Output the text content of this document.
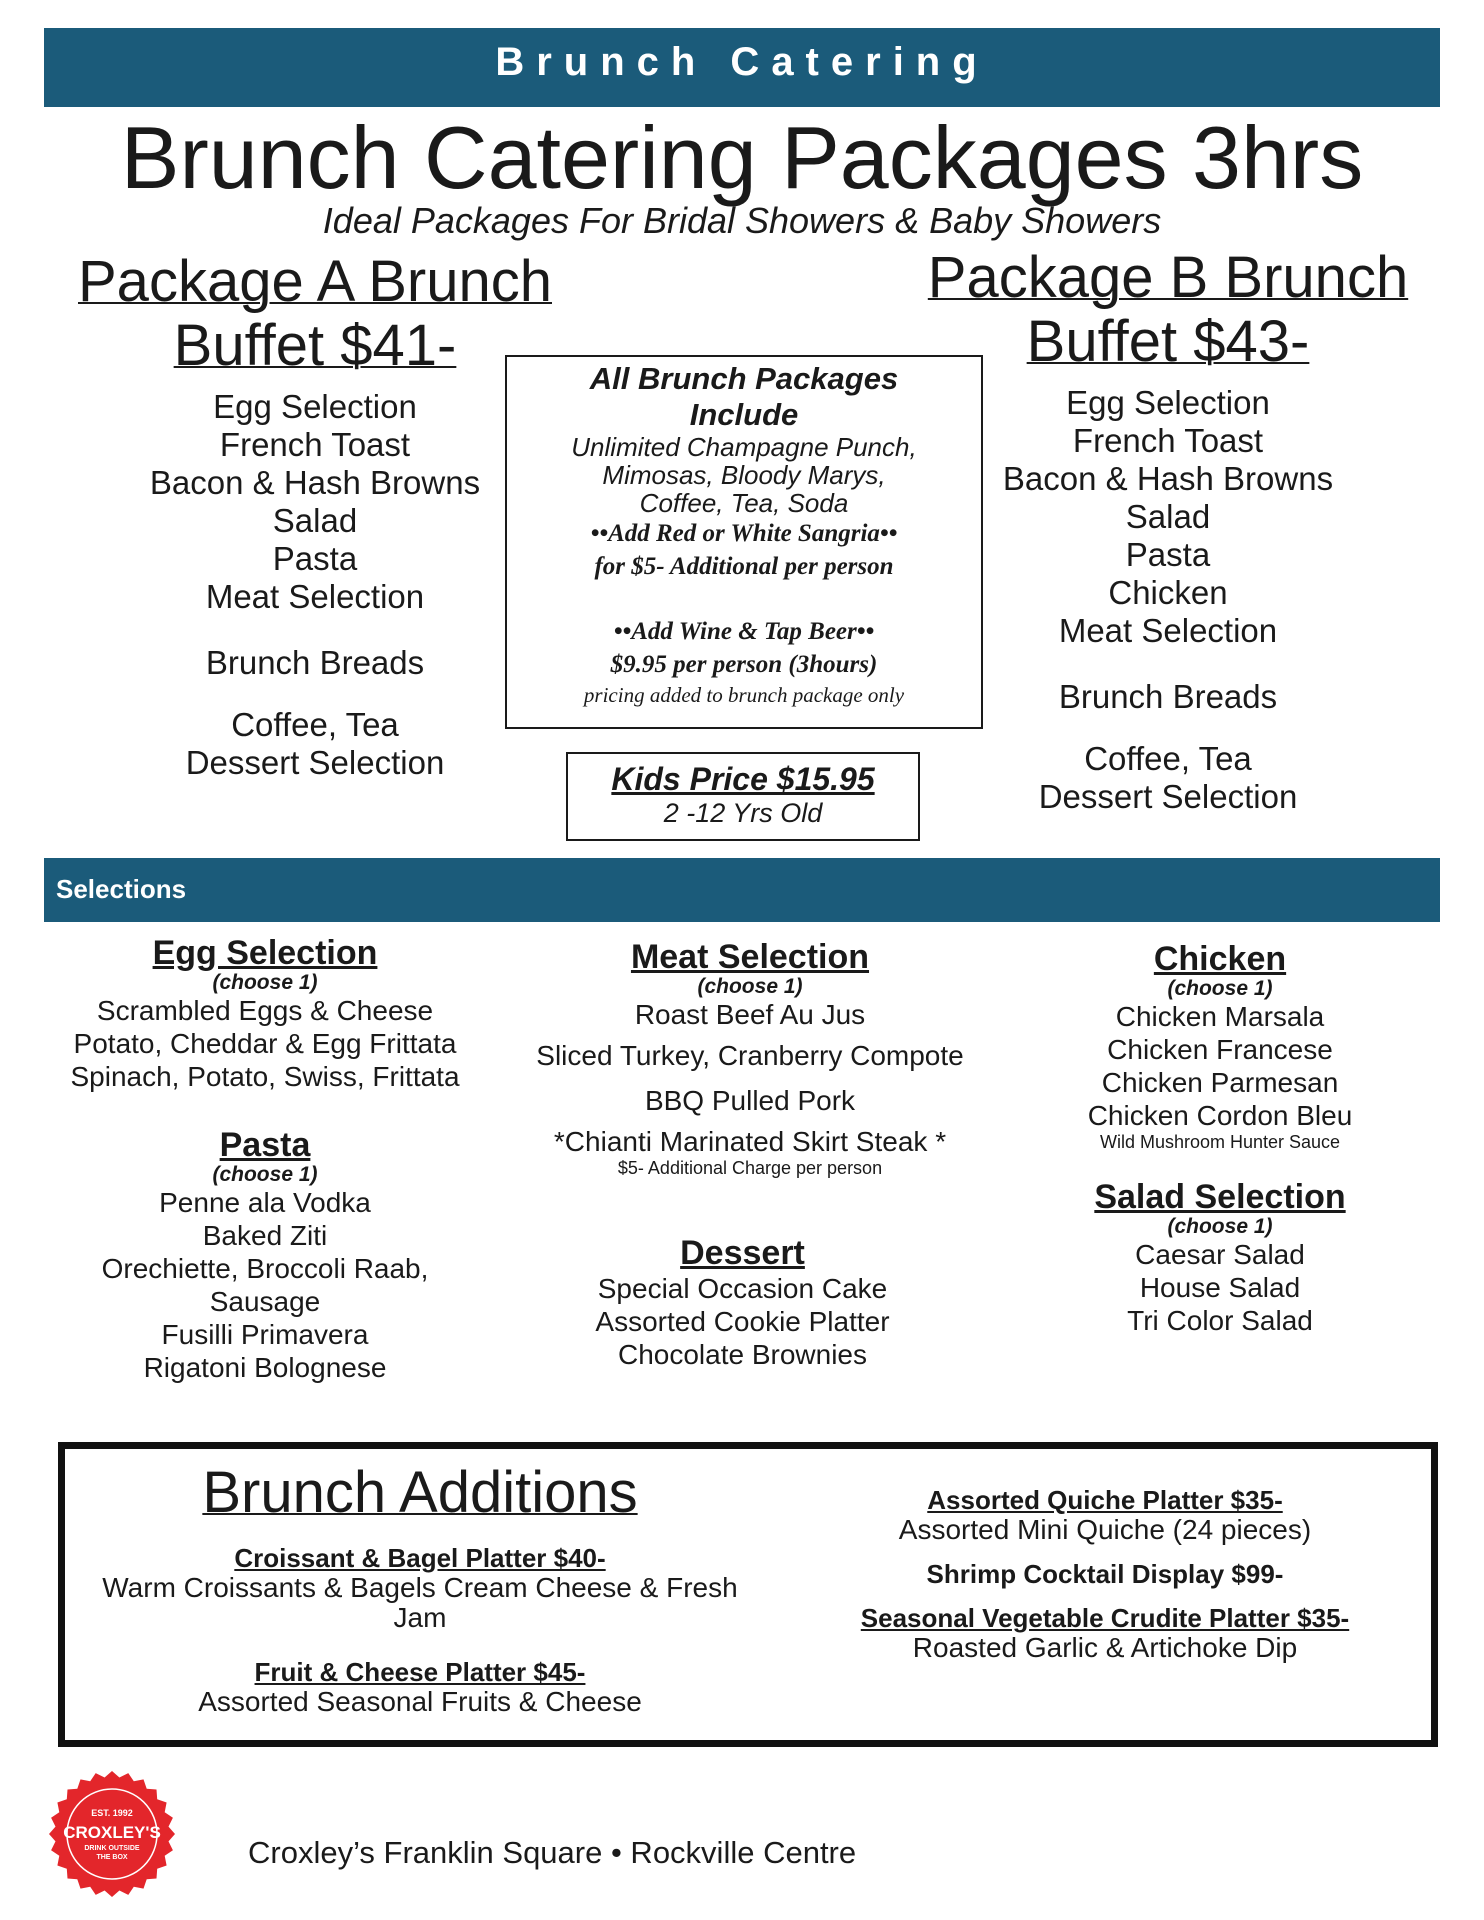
Brunch Catering
Brunch Catering Packages 3hrs
Ideal Packages For Bridal Showers & Baby Showers
Package A Brunch
Buffet $41-
Egg Selection
French Toast
Bacon & Hash Browns
Salad
Pasta
Meat Selection
Brunch Breads
Coffee, Tea
Dessert Selection
Package B Brunch
Buffet $43-
Egg Selection
French Toast
Bacon & Hash Browns
Salad
Pasta
Chicken
Meat Selection
Brunch Breads
Coffee, Tea
Dessert Selection
All Brunch Packages
Include
Unlimited Champagne Punch,
Mimosas, Bloody Marys,
Coffee, Tea, Soda
••Add Red or White Sangria••
for $5- Additional per person
••Add Wine & Tap Beer••
$9.95 per person (3hours)
pricing added to brunch package only
Kids Price $15.95
2 -12 Yrs Old
Selections
Egg Selection
(choose 1)
Scrambled Eggs & Cheese
Potato, Cheddar & Egg Frittata
Spinach, Potato, Swiss, Frittata
Pasta
(choose 1)
Penne ala Vodka
Baked Ziti
Orechiette, Broccoli Raab,
Sausage
Fusilli Primavera
Rigatoni Bolognese
Meat Selection
(choose 1)
Roast Beef Au Jus
Sliced Turkey, Cranberry Compote
BBQ Pulled Pork
*Chianti Marinated Skirt Steak *
$5- Additional Charge per person
Dessert
Special Occasion Cake
Assorted Cookie Platter
Chocolate Brownies
Chicken
(choose 1)
Chicken Marsala
Chicken Francese
Chicken Parmesan
Chicken Cordon Bleu
Wild Mushroom Hunter Sauce
Salad Selection
(choose 1)
Caesar Salad
House Salad
Tri Color Salad
Brunch Additions
Croissant & Bagel Platter $40-
Warm Croissants & Bagels Cream Cheese & Fresh Jam
Fruit & Cheese Platter $45-
Assorted Seasonal Fruits & Cheese
Assorted Quiche Platter $35-
Assorted Mini Quiche (24 pieces)
Shrimp Cocktail Display $99-
Seasonal Vegetable Crudite Platter $35-
Roasted Garlic & Artichoke Dip
EST. 1992
CROXLEY'S
DRINK OUTSIDE
THE BOX	Croxley’s Franklin Square • Rockville Centre
